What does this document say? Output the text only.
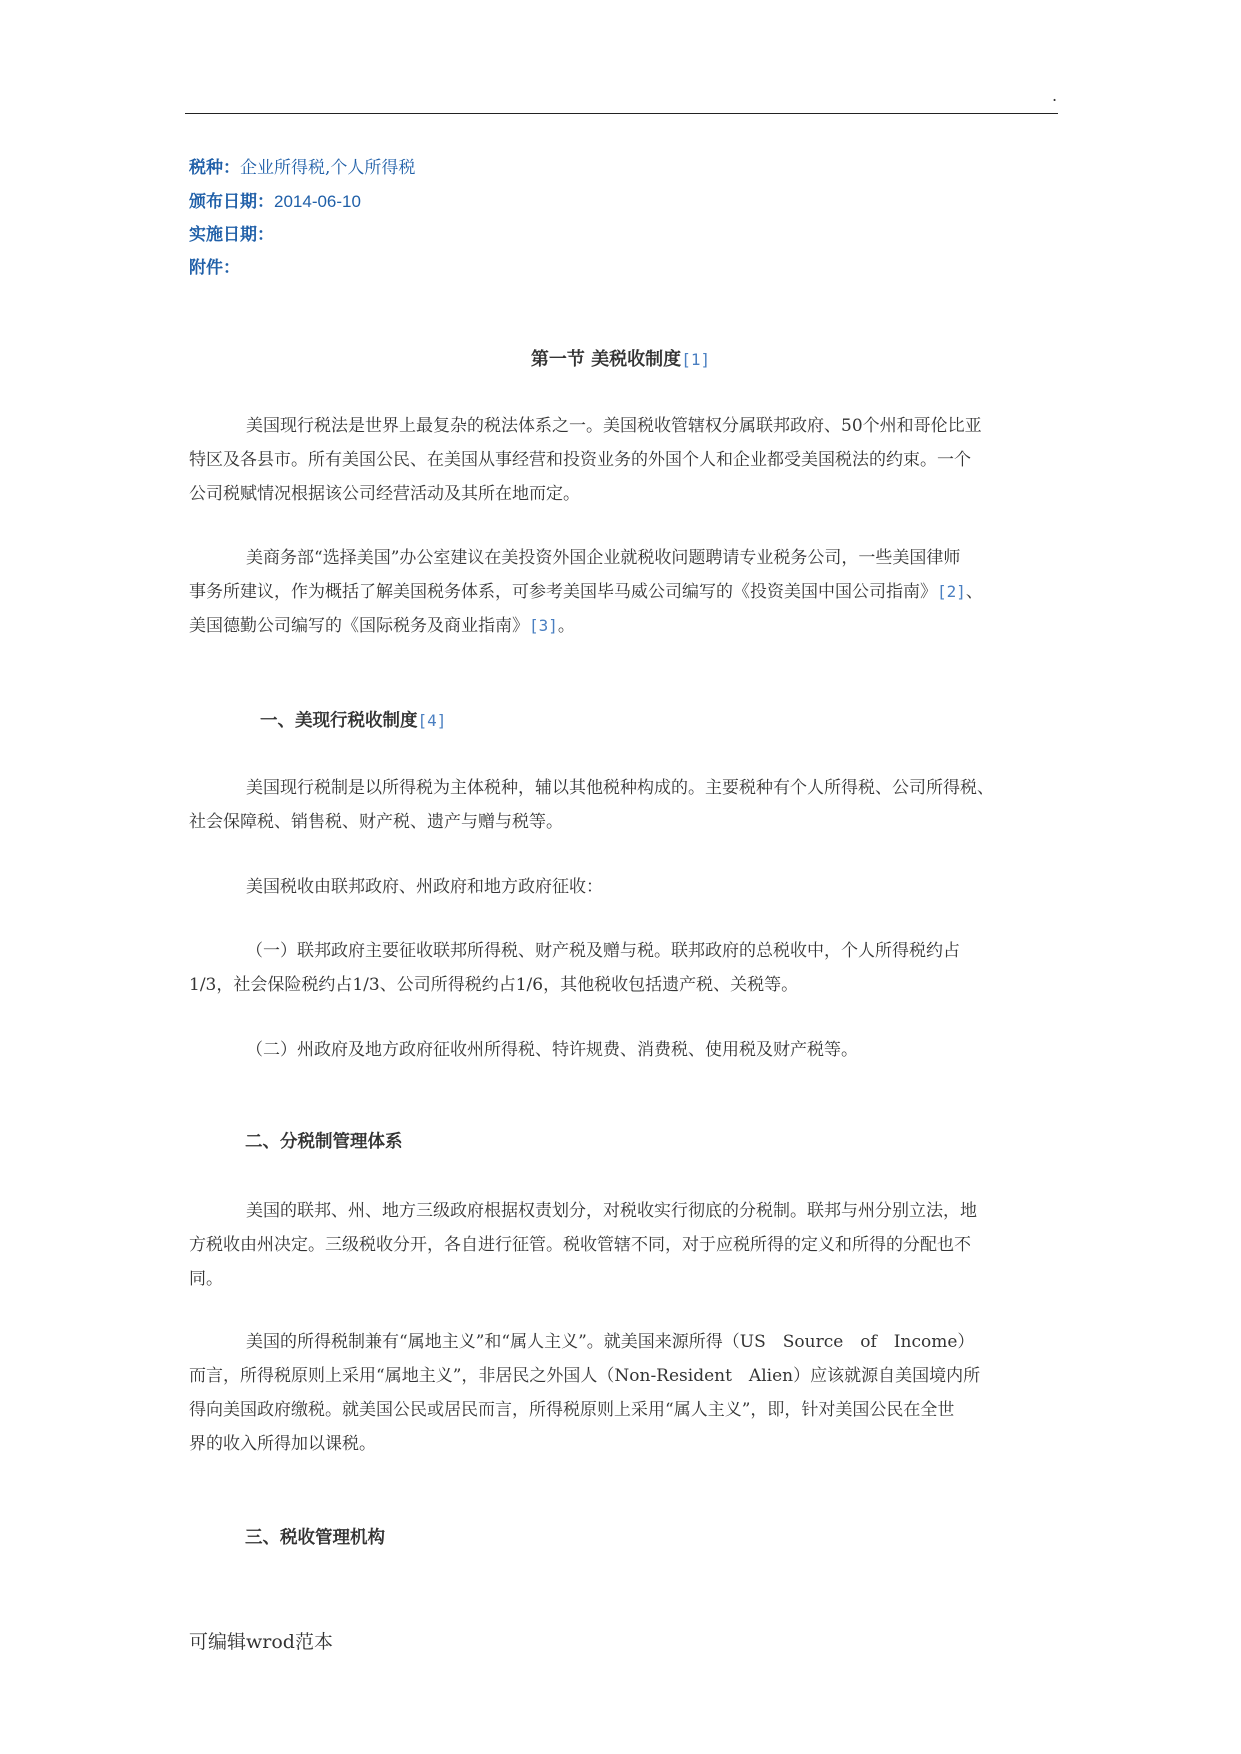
.
税种：企业所得税,个人所得税
颁布日期：2014-06-10
实施日期：
附件：
第一节 美税收制度[1]
美国现行税法是世界上最复杂的税法体系之一。美国税收管辖权分属联邦政府、50个州和哥伦比亚
特区及各县市。所有美国公民、在美国从事经营和投资业务的外国个人和企业都受美国税法的约束。一个
公司税赋情况根据该公司经营活动及其所在地而定。
美商务部“选择美国”办公室建议在美投资外国企业就税收问题聘请专业税务公司，一些美国律师
事务所建议，作为概括了解美国税务体系，可参考美国毕马威公司编写的《投资美国中国公司指南》[2]、
美国德勤公司编写的《国际税务及商业指南》[3]。
一、美现行税收制度[4]
美国现行税制是以所得税为主体税种，辅以其他税种构成的。主要税种有个人所得税、公司所得税、
社会保障税、销售税、财产税、遗产与赠与税等。
美国税收由联邦政府、州政府和地方政府征收：
（一）联邦政府主要征收联邦所得税、财产税及赠与税。联邦政府的总税收中，个人所得税约占
1/3，社会保险税约占1/3、公司所得税约占1/6，其他税收包括遗产税、关税等。
（二）州政府及地方政府征收州所得税、特许规费、消费税、使用税及财产税等。
二、分税制管理体系
美国的联邦、州、地方三级政府根据权责划分，对税收实行彻底的分税制。联邦与州分别立法，地
方税收由州决定。三级税收分开，各自进行征管。税收管辖不同，对于应税所得的定义和所得的分配也不
同。
美国的所得税制兼有“属地主义”和“属人主义”。就美国来源所得（US　Source　of　Income）
而言，所得税原则上采用“属地主义”，非居民之外国人（Non-Resident　Alien）应该就源自美国境内所
得向美国政府缴税。就美国公民或居民而言，所得税原则上采用“属人主义”，即，针对美国公民在全世
界的收入所得加以课税。
三、税收管理机构
可编辑wrod范本
